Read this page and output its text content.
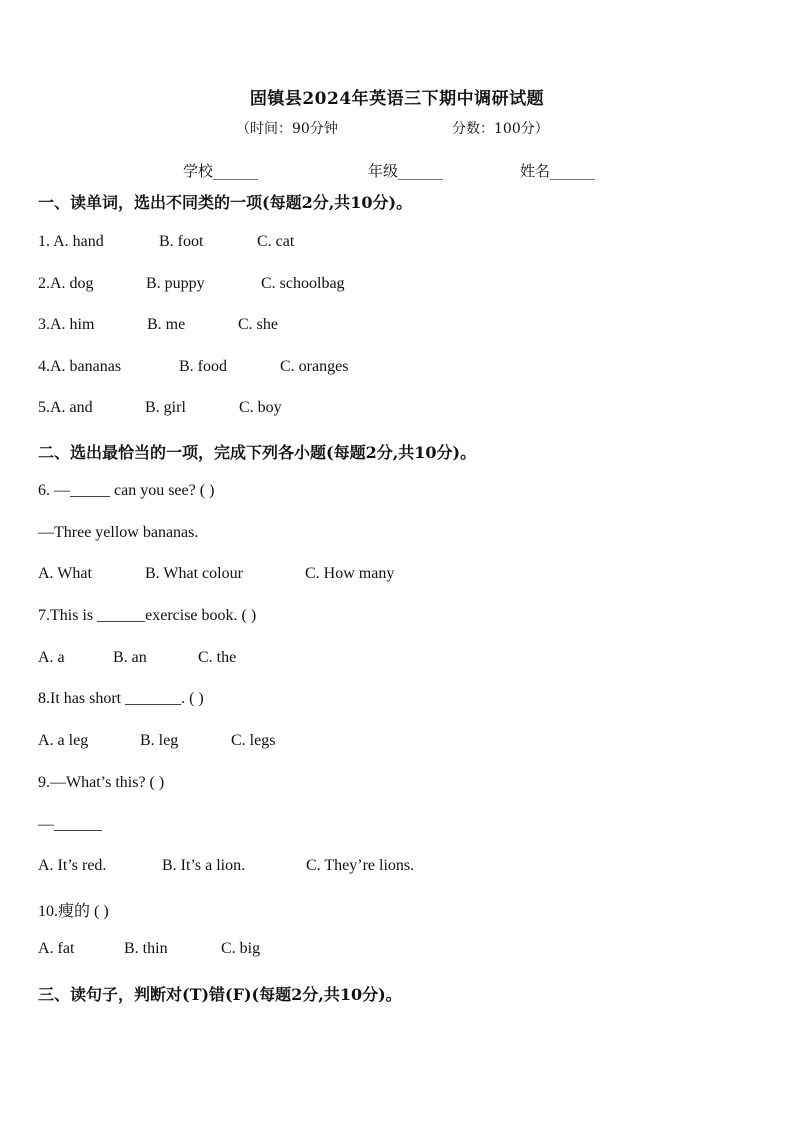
固镇县2024年英语三下期中调研试题
（时间：90分钟	分数：100分）
学校______	年级______	姓名______
一、读单词，选出不同类的一项(每题2分,共10分)。
1. A. hand	B. foot	C. cat
2.A. dog	B. puppy	C. schoolbag
3.A. him	B. me	C. she
4.A. bananas	B. food	C. oranges
5.A. and	B. girl	C. boy
二、选出最恰当的一项，完成下列各小题(每题2分,共10分)。
6. —_____ can you see? ( )
—Three yellow bananas.
A. What	B. What colour	C. How many
7.This is ______exercise book. ( )
A. a	B. an	C. the
8.It has short _______. ( )
A. a leg	B. leg	C. legs
9.—What’s this? ( )
—______
A. It’s red.	B. It’s a lion.	C. They’re lions.
10.瘦的 ( )
A. fat	B. thin	C. big
三、读句子，判断对(T)错(F)(每题2分,共10分)。
